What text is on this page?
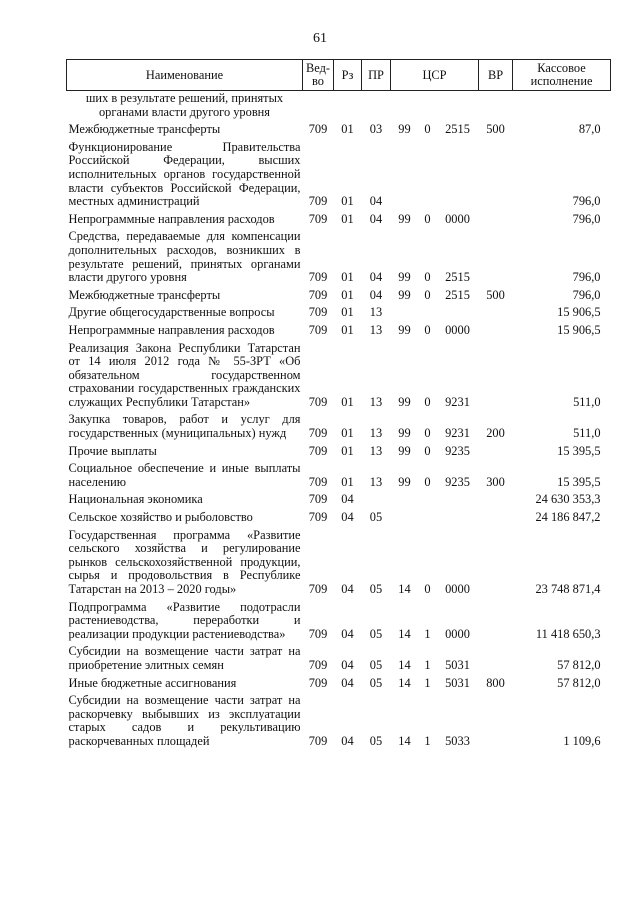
61
Наименование	Вед-во	Рз	ПР	ЦСР			ВР	Кассовое исполнение
ших в результате решений, принятых органами власти другого уровня								
Межбюджетные трансферты	709	01	03	99	0	2515	500	87,0
Функционирование Правительства Российской Федерации, высших исполнительных органов государственной власти субъектов Российской Федерации, местных администраций	709	01	04					796,0
Непрограммные направления расходов	709	01	04	99	0	0000		796,0
Средства, передаваемые для компенсации дополнительных расходов, возникших в результате решений, принятых органами власти другого уровня	709	01	04	99	0	2515		796,0
Межбюджетные трансферты	709	01	04	99	0	2515	500	796,0
Другие общегосударственные вопросы	709	01	13					15 906,5
Непрограммные направления расходов	709	01	13	99	0	0000		15 906,5
Реализация Закона Республики Татарстан от 14 июля 2012 года № 55-ЗРТ «Об обязательном государственном страховании государственных гражданских служащих Республики Татарстан»	709	01	13	99	0	9231		511,0
Закупка товаров, работ и услуг для государственных (муниципальных) нужд	709	01	13	99	0	9231	200	511,0
Прочие выплаты	709	01	13	99	0	9235		15 395,5
Социальное обеспечение и иные выплаты населению	709	01	13	99	0	9235	300	15 395,5
Национальная экономика	709	04						24 630 353,3
Сельское хозяйство и рыболовство	709	04	05					24 186 847,2
Государственная программа «Развитие сельского хозяйства и регулирование рынков сельскохозяйственной продукции, сырья и продовольствия в Республике Татарстан на 2013 – 2020 годы»	709	04	05	14	0	0000		23 748 871,4
Подпрограмма «Развитие подотрасли растениеводства, переработки и реализации продукции растениеводства»	709	04	05	14	1	0000		11 418 650,3
Субсидии на возмещение части затрат на приобретение элитных семян	709	04	05	14	1	5031		57 812,0
Иные бюджетные ассигнования	709	04	05	14	1	5031	800	57 812,0
Субсидии на возмещение части затрат на раскорчевку выбывших из эксплуатации старых садов и рекультивацию раскорчеванных площадей	709	04	05	14	1	5033		1 109,6
